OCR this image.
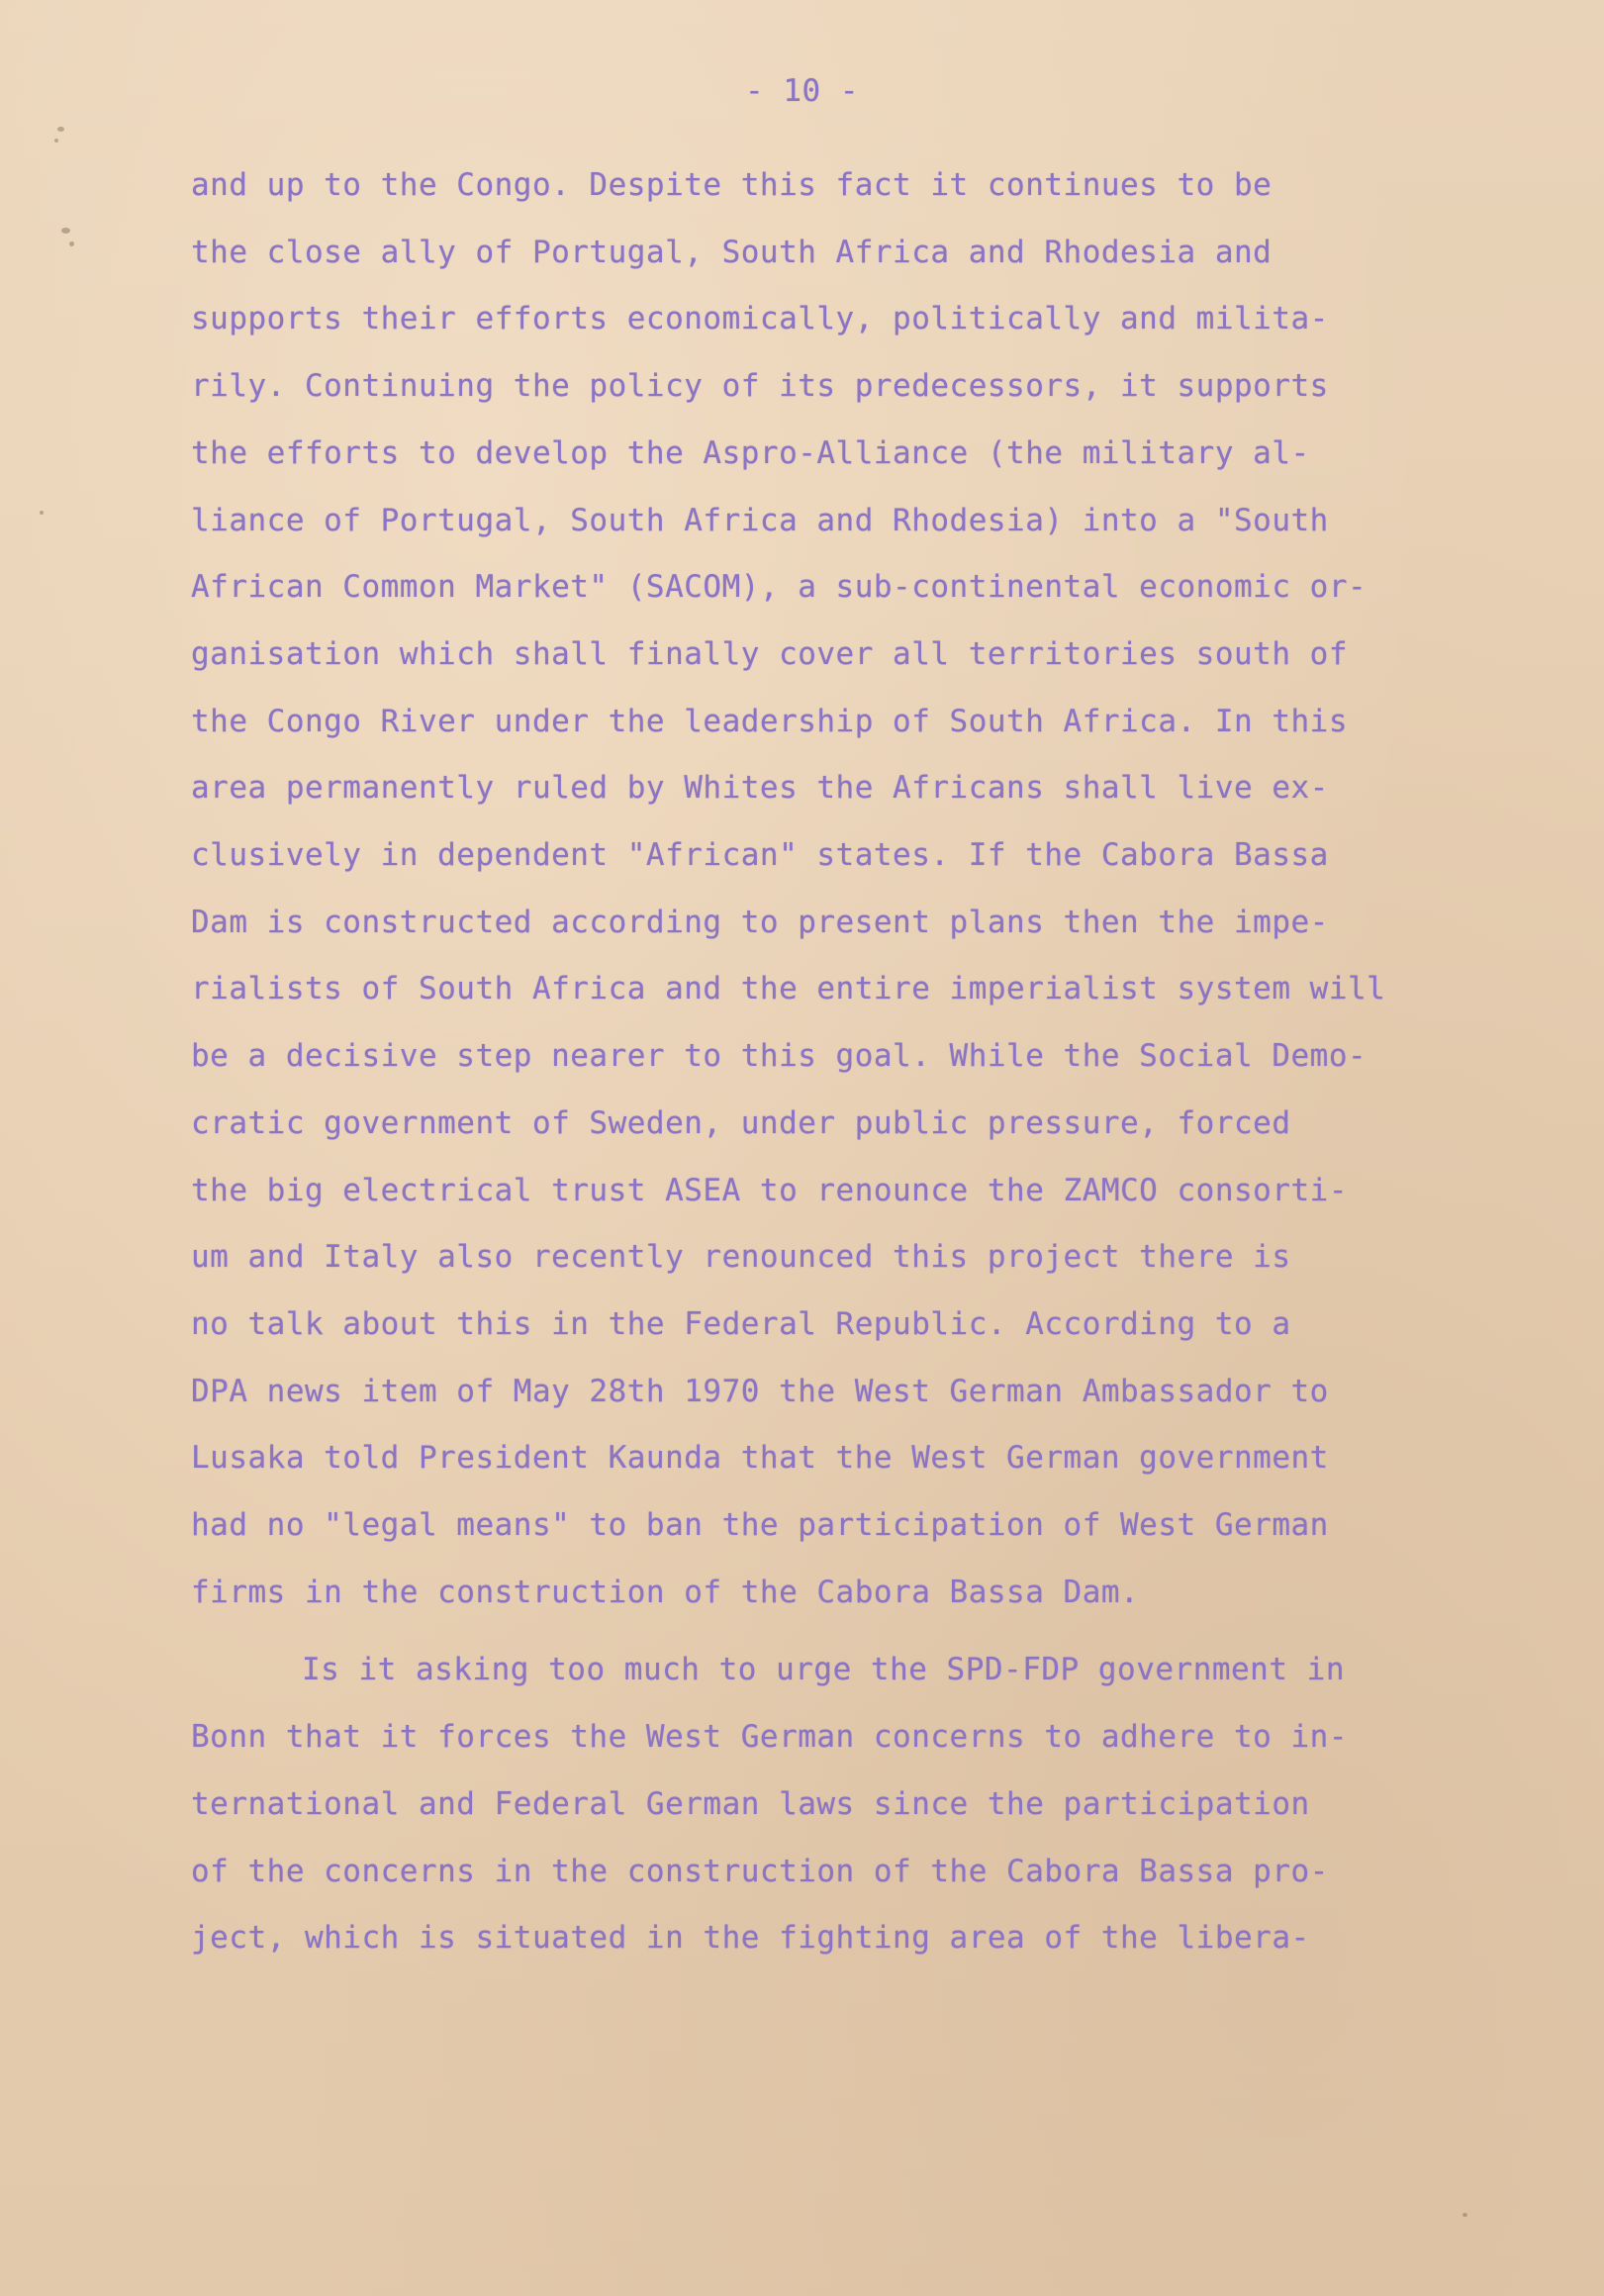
- 10 -
and up to the Congo. Despite this fact it continues to be
the close ally of Portugal, South Africa and Rhodesia and
supports their efforts economically, politically and milita-
rily. Continuing the policy of its predecessors, it supports
the efforts to develop the Aspro-Alliance (the military al-
liance of Portugal, South Africa and Rhodesia) into a "South
African Common Market" (SACOM), a sub-continental economic or-
ganisation which shall finally cover all territories south of
the Congo River under the leadership of South Africa. In this
area permanently ruled by Whites the Africans shall live ex-
clusively in dependent "African" states. If the Cabora Bassa
Dam is constructed according to present plans then the impe-
rialists of South Africa and the entire imperialist system will
be a decisive step nearer to this goal. While the Social Demo-
cratic government of Sweden, under public pressure, forced
the big electrical trust ASEA to renounce the ZAMCO consorti-
um and Italy also recently renounced this project there is
no talk about this in the Federal Republic. According to a
DPA news item of May 28th 1970 the West German Ambassador to
Lusaka told President Kaunda that the West German government
had no "legal means" to ban the participation of West German
firms in the construction of the Cabora Bassa Dam.
Is it asking too much to urge the SPD-FDP government in
Bonn that it forces the West German concerns to adhere to in-
ternational and Federal German laws since the participation
of the concerns in the construction of the Cabora Bassa pro-
ject, which is situated in the fighting area of the libera-
